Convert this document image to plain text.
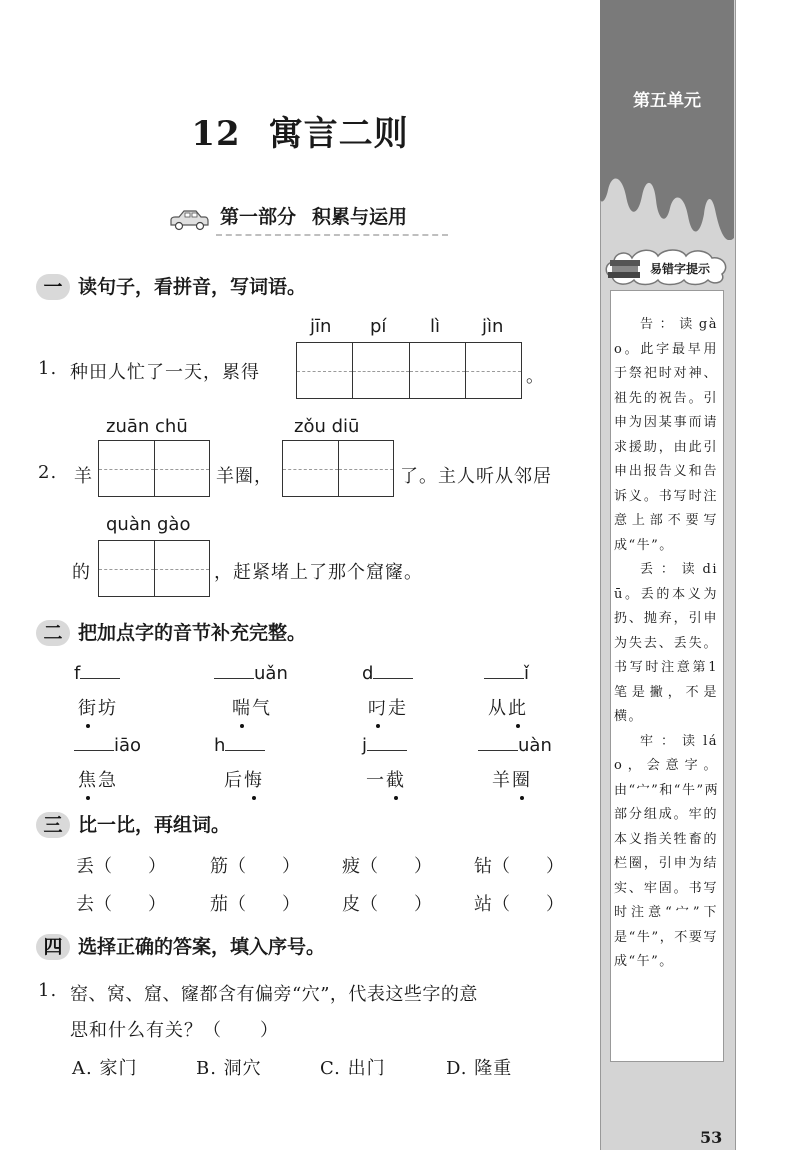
第五单元
易错字提示

告：读gào。此字最早用于祭祀时对神、祖先的祝告。引申为因某事而请求援助，由此引申出报告义和告诉义。书写时注意上部不要写成“牛”。

丢：读diū。丢的本义为扔、抛弃，引申为失去、丢失。书写时注意第1笔是撇，不是横。

牢：读láo，会意字。由“宀”和“牛”两部分组成。牢的本义指关牲畜的栏圈，引申为结实、牢固。书写时注意“宀”下是“牛”，不要写成“午”。

53
12 寓言二则
第一部分 积累与运用
一 读句子，看拼音，写词语。
jīn pí lì jìn
1. 种田人忙了一天，累得	。
zuān chū	zǒu diū
2. 羊	羊圈，	了。主人听从邻居
quàn gào
的	，赶紧堵上了那个窟窿。
二 把加点字的音节补充完整。
f	uǎn	d	ǐ
街坊	喘气	叼走	从此
iāo	h	j	uàn
焦急	后悔	一截	羊圈
三 比一比，再组词。
丢（　　） 筋（　　） 疲（　　） 钻（　　）
去（　　） 茄（　　） 皮（　　） 站（　　）
四 选择正确的答案，填入序号。
1. 窑、窝、窟、窿都含有偏旁“穴”，代表这些字的意
思和什么有关？（　　）
A. 家门	B. 洞穴	C. 出门	D. 隆重
